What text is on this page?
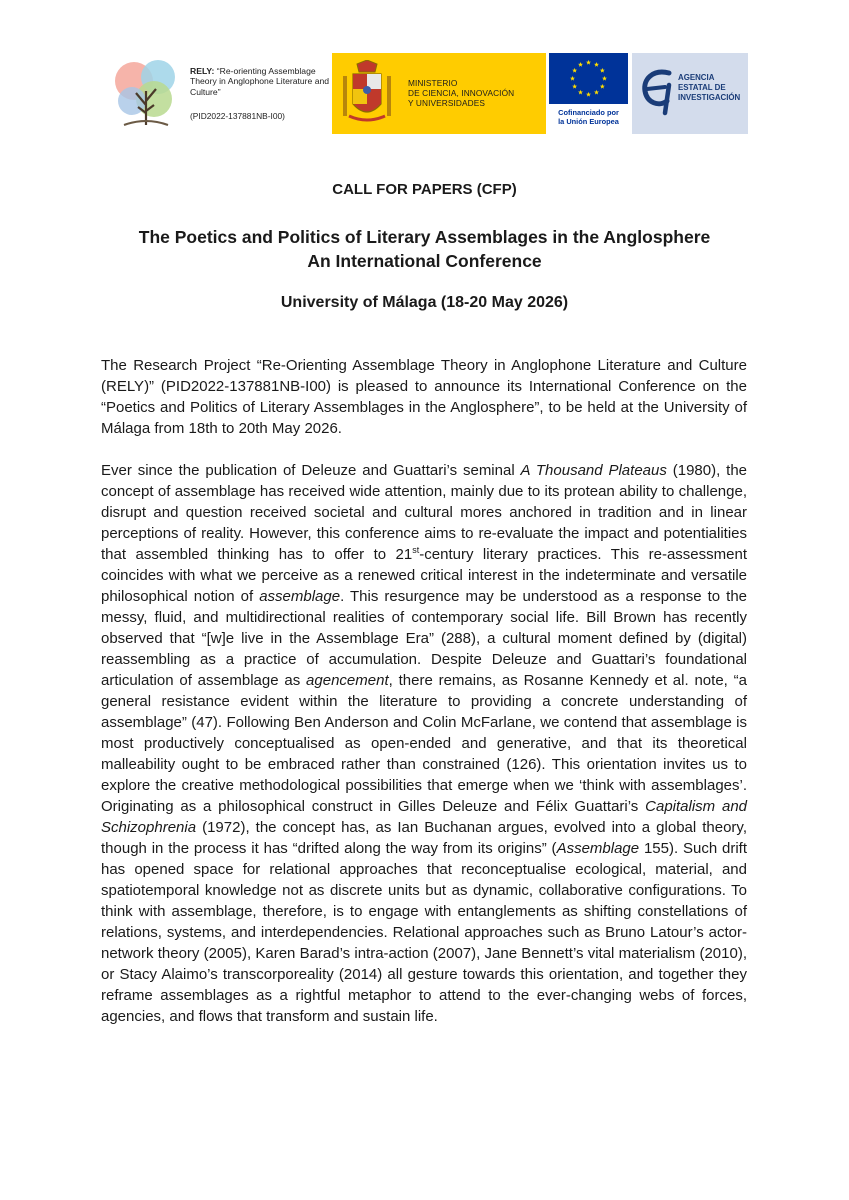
RELY: “Re-orienting Assemblage Theory in Anglophone Literature and Culture”
(PID2022-137881NB-I00)
MINISTERIO
DE CIENCIA, INNOVACIÓN
Y UNIVERSIDADES
Cofinanciado por
la Unión Europea
AGENCIA
ESTATAL DE
INVESTIGACIÓN
CALL FOR PAPERS (CFP)
The Poetics and Politics of Literary Assemblages in the Anglosphere
An International Conference
University of Málaga (18-20 May 2026)

The Research Project “Re-Orienting Assemblage Theory in Anglophone Literature and Culture (RELY)” (PID2022-137881NB-I00) is pleased to announce its International Conference on the “Poetics and Politics of Literary Assemblages in the Anglosphere”, to be held at the University of Málaga from 18th to 20th May 2026.

Ever since the publication of Deleuze and Guattari’s seminal A Thousand Plateaus (1980), the concept of assemblage has received wide attention, mainly due to its protean ability to challenge, disrupt and question received societal and cultural mores anchored in tradition and in linear perceptions of reality. However, this conference aims to re-evaluate the impact and potentialities that assembled thinking has to offer to 21st-century literary practices. This re-assessment coincides with what we perceive as a renewed critical interest in the indeterminate and versatile philosophical notion of assemblage. This resurgence may be understood as a response to the messy, fluid, and multidirectional realities of contemporary social life. Bill Brown has recently observed that “[w]e live in the Assemblage Era” (288), a cultural moment defined by (digital) reassembling as a practice of accumulation. Despite Deleuze and Guattari’s foundational articulation of assemblage as agencement, there remains, as Rosanne Kennedy et al. note, “a general resistance evident within the literature to providing a concrete understanding of assemblage” (47). Following Ben Anderson and Colin McFarlane, we contend that assemblage is most productively conceptualised as open-ended and generative, and that its theoretical malleability ought to be embraced rather than constrained (126). This orientation invites us to explore the creative methodological possibilities that emerge when we ‘think with assemblages’. Originating as a philosophical construct in Gilles Deleuze and Félix Guattari’s Capitalism and Schizophrenia (1972), the concept has, as Ian Buchanan argues, evolved into a global theory, though in the process it has “drifted along the way from its origins” (Assemblage 155). Such drift has opened space for relational approaches that reconceptualise ecological, material, and spatiotemporal knowledge not as discrete units but as dynamic, collaborative configurations. To think with assemblage, therefore, is to engage with entanglements as shifting constellations of relations, systems, and interdependencies. Relational approaches such as Bruno Latour’s actor-network theory (2005), Karen Barad’s intra-action (2007), Jane Bennett’s vital materialism (2010), or Stacy Alaimo’s transcorporeality (2014) all gesture towards this orientation, and together they reframe assemblages as a rightful metaphor to attend to the ever-changing webs of forces, agencies, and flows that transform and sustain life.
